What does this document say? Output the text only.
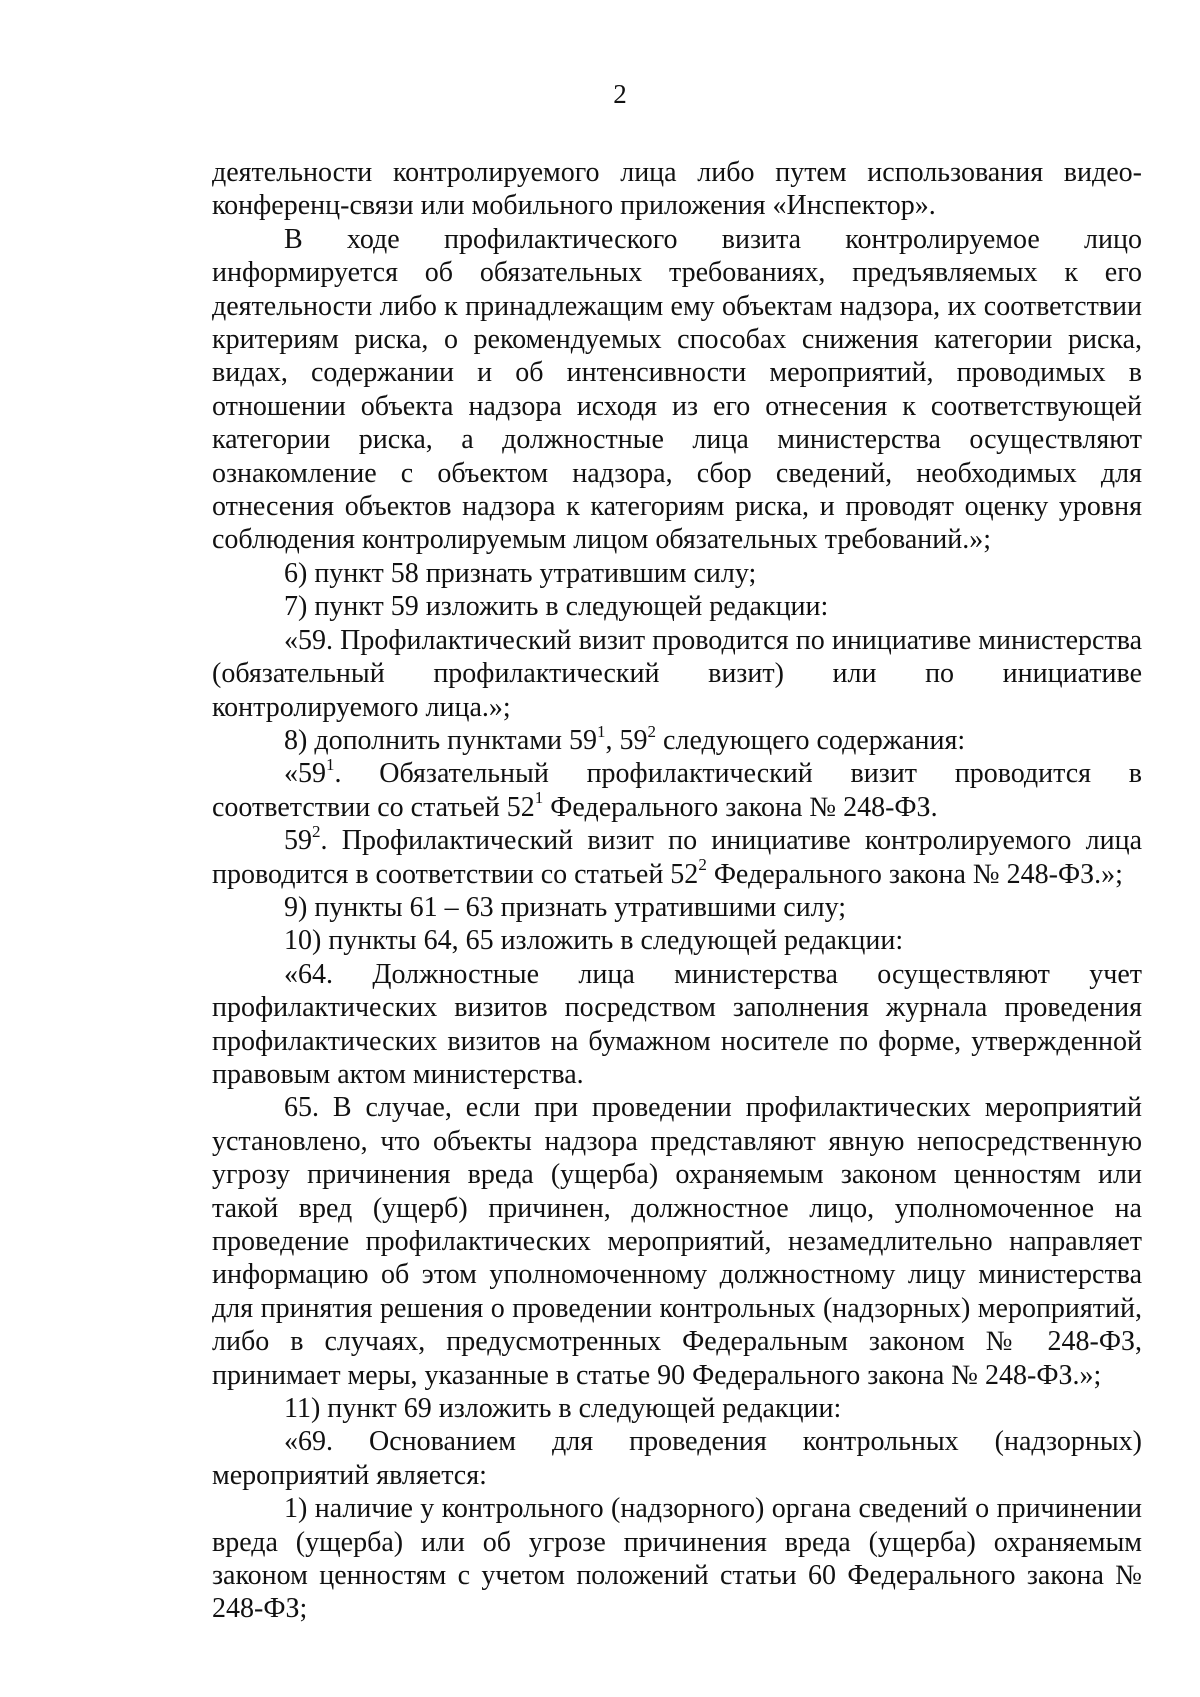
2

деятельности контролируемого лица либо путем использования видео-конференц-связи или мобильного приложения «Инспектор».

В ходе профилактического визита контролируемое лицо информируется об обязательных требованиях, предъявляемых к его деятельности либо к принадлежащим ему объектам надзора, их соответствии критериям риска, о рекомендуемых способах снижения категории риска, видах, содержании и об интенсивности мероприятий, проводимых в отношении объекта надзора исходя из его отнесения к соответствующей категории риска, а должностные лица министерства осуществляют ознакомление с объектом надзора, сбор сведений, необходимых для отнесения объектов надзора к категориям риска, и проводят оценку уровня соблюдения контролируемым лицом обязательных требований.»;

6) пункт 58 признать утратившим силу;

7) пункт 59 изложить в следующей редакции:

«59. Профилактический визит проводится по инициативе министерства (обязательный профилактический визит) или по инициативе контролируемого лица.»;

8) дополнить пунктами $59^1$, $59^2$ следующего содержания:

«$59^1$. Обязательный профилактический визит проводится в соответствии со статьей $52^1$ Федерального закона № 248-ФЗ.

$59^2$. Профилактический визит по инициативе контролируемого лица проводится в соответствии со статьей $52^2$ Федерального закона № 248-ФЗ.»;

9) пункты 61 – 63 признать утратившими силу;

10) пункты 64, 65 изложить в следующей редакции:

«64. Должностные лица министерства осуществляют учет профилактических визитов посредством заполнения журнала проведения профилактических визитов на бумажном носителе по форме, утвержденной правовым актом министерства.

65. В случае, если при проведении профилактических мероприятий установлено, что объекты надзора представляют явную непосредственную угрозу причинения вреда (ущерба) охраняемым законом ценностям или такой вред (ущерб) причинен, должностное лицо, уполномоченное на проведение профилактических мероприятий, незамедлительно направляет информацию об этом уполномоченному должностному лицу министерства для принятия решения о проведении контрольных (надзорных) мероприятий, либо в случаях, предусмотренных Федеральным законом № 248-ФЗ, принимает меры, указанные в статье 90 Федерального закона № 248-ФЗ.»;

11) пункт 69 изложить в следующей редакции:

«69. Основанием для проведения контрольных (надзорных) мероприятий является:

1) наличие у контрольного (надзорного) органа сведений о причинении вреда (ущерба) или об угрозе причинения вреда (ущерба) охраняемым законом ценностям с учетом положений статьи 60 Федерального закона № 248-ФЗ;
